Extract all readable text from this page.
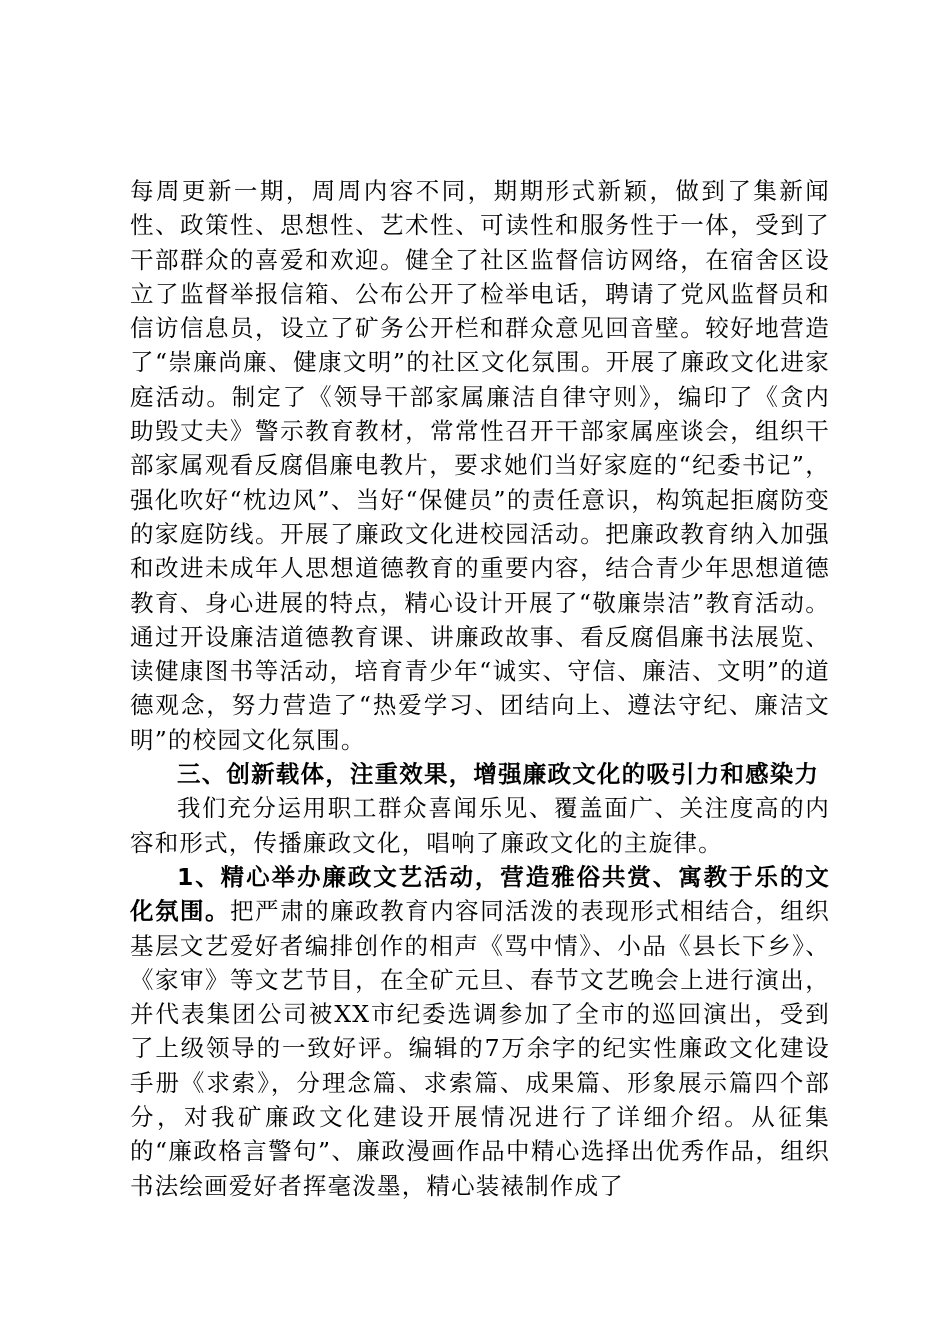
每周更新一期，周周内容不同，期期形式新颖，做到了集新闻性、政策性、思想性、艺术性、可读性和服务性于一体，受到了干部群众的喜爱和欢迎。健全了社区监督信访网络，在宿舍区设立了监督举报信箱、公布公开了检举电话，聘请了党风监督员和信访信息员，设立了矿务公开栏和群众意见回音壁。较好地营造了“崇廉尚廉、健康文明”的社区文化氛围。开展了廉政文化进家庭活动。制定了《领导干部家属廉洁自律守则》，编印了《贪内助毁丈夫》警示教育教材，常常性召开干部家属座谈会，组织干部家属观看反腐倡廉电教片，要求她们当好家庭的“纪委书记”，强化吹好“枕边风”、当好“保健员”的责任意识，构筑起拒腐防变的家庭防线。开展了廉政文化进校园活动。把廉政教育纳入加强和改进未成年人思想道德教育的重要内容，结合青少年思想道德教育、身心进展的特点，精心设计开展了“敬廉崇洁”教育活动。通过开设廉洁道德教育课、讲廉政故事、看反腐倡廉书法展览、读健康图书等活动，培育青少年“诚实、守信、廉洁、文明”的道德观念，努力营造了“热爱学习、团结向上、遵法守纪、廉洁文明”的校园文化氛围。

三、创新载体，注重效果，增强廉政文化的吸引力和感染力

我们充分运用职工群众喜闻乐见、覆盖面广、关注度高的内容和形式，传播廉政文化，唱响了廉政文化的主旋律。

1、精心举办廉政文艺活动，营造雅俗共赏、寓教于乐的文化氛围。把严肃的廉政教育内容同活泼的表现形式相结合，组织基层文艺爱好者编排创作的相声《骂中情》、小品《县长下乡》、《家审》等文艺节目，在全矿元旦、春节文艺晚会上进行演出，并代表集团公司被XX市纪委选调参加了全市的巡回演出，受到了上级领导的一致好评。编辑的7万余字的纪实性廉政文化建设手册《求索》，分理念篇、求索篇、成果篇、形象展示篇四个部分，对我矿廉政文化建设开展情况进行了详细介绍。从征集的“廉政格言警句”、廉政漫画作品中精心选择出优秀作品，组织书法绘画爱好者挥毫泼墨，精心装裱制作成了
